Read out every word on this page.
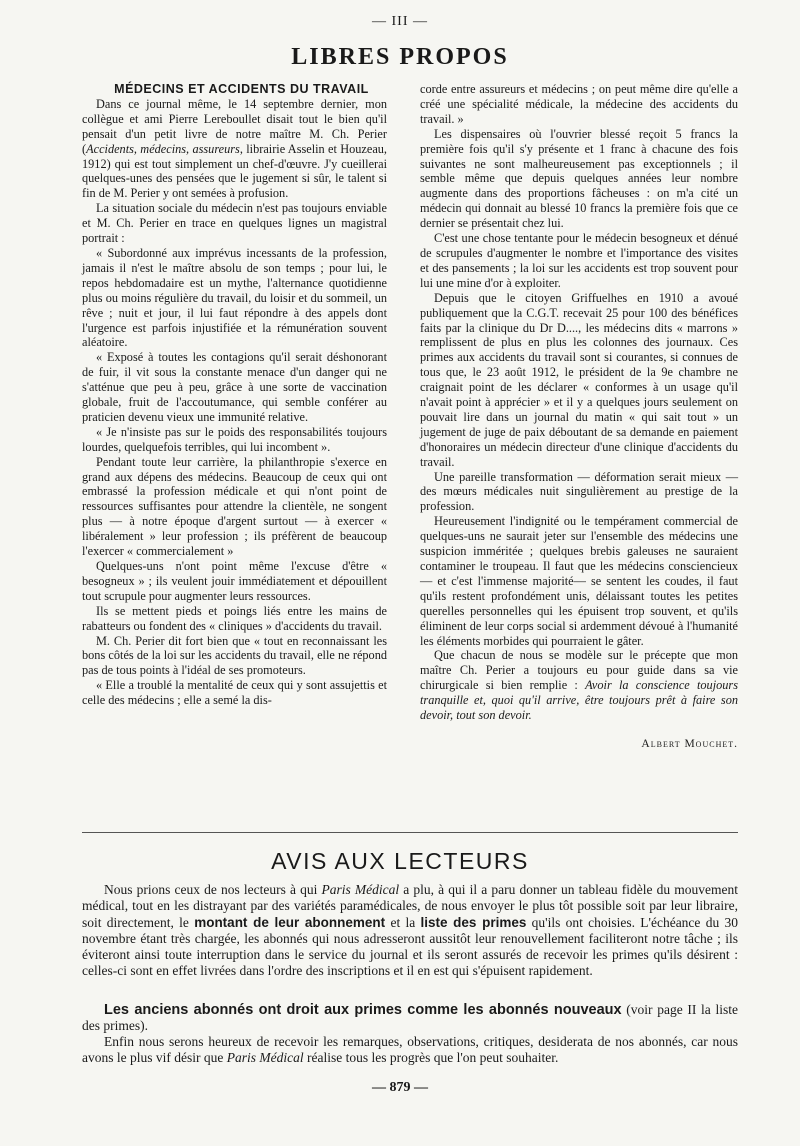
— III —
LIBRES PROPOS

MÉDECINS ET ACCIDENTS DU TRAVAIL

Dans ce journal même, le 14 septembre dernier, mon collègue et ami Pierre Lereboullet disait tout le bien qu'il pensait d'un petit livre de notre maître M. Ch. Perier (Accidents, médecins, assureurs, librairie Asselin et Houzeau, 1912) qui est tout simplement un chef-d'œuvre. J'y cueillerai quelques-unes des pensées que le jugement si sûr, le talent si fin de M. Perier y ont semées à profusion.

La situation sociale du médecin n'est pas toujours enviable et M. Ch. Perier en trace en quelques lignes un magistral portrait :

« Subordonné aux imprévus incessants de la profession, jamais il n'est le maître absolu de son temps ; pour lui, le repos hebdomadaire est un mythe, l'alternance quotidienne plus ou moins régulière du travail, du loisir et du sommeil, un rêve ; nuit et jour, il lui faut répondre à des appels dont l'urgence est parfois injustifiée et la rémunération souvent aléatoire.

« Exposé à toutes les contagions qu'il serait déshonorant de fuir, il vit sous la constante menace d'un danger qui ne s'atténue que peu à peu, grâce à une sorte de vaccination globale, fruit de l'accoutumance, qui semble conférer au praticien devenu vieux une immunité relative.

« Je n'insiste pas sur le poids des responsabilités toujours lourdes, quelquefois terribles, qui lui incombent ».

Pendant toute leur carrière, la philanthropie s'exerce en grand aux dépens des médecins. Beaucoup de ceux qui ont embrassé la profession médicale et qui n'ont point de ressources suffisantes pour attendre la clientèle, ne songent plus — à notre époque d'argent surtout — à exercer « libéralement » leur profession ; ils préfèrent de beaucoup l'exercer « commercialement »

Quelques-uns n'ont point même l'excuse d'être « besogneux » ; ils veulent jouir immédiatement et dépouillent tout scrupule pour augmenter leurs ressources.

Ils se mettent pieds et poings liés entre les mains de rabatteurs ou fondent des « cliniques » d'accidents du travail.

M. Ch. Perier dit fort bien que « tout en reconnaissant les bons côtés de la loi sur les accidents du travail, elle ne répond pas de tous points à l'idéal de ses promoteurs.

« Elle a troublé la mentalité de ceux qui y sont assujettis et celle des médecins ; elle a semé la dis-

corde entre assureurs et médecins ; on peut même dire qu'elle a créé une spécialité médicale, la médecine des accidents du travail. »

Les dispensaires où l'ouvrier blessé reçoit 5 francs la première fois qu'il s'y présente et 1 franc à chacune des fois suivantes ne sont malheureusement pas exceptionnels ; il semble même que depuis quelques années leur nombre augmente dans des proportions fâcheuses : on m'a cité un médecin qui donnait au blessé 10 francs la première fois que ce dernier se présentait chez lui.

C'est une chose tentante pour le médecin besogneux et dénué de scrupules d'augmenter le nombre et l'importance des visites et des pansements ; la loi sur les accidents est trop souvent pour lui une mine d'or à exploiter.

Depuis que le citoyen Griffuelhes en 1910 a avoué publiquement que la C.G.T. recevait 25 pour 100 des bénéfices faits par la clinique du Dr D...., les médecins dits « marrons » remplissent de plus en plus les colonnes des journaux. Ces primes aux accidents du travail sont si courantes, si connues de tous que, le 23 août 1912, le président de la 9e chambre ne craignait point de les déclarer « conformes à un usage qu'il n'avait point à apprécier » et il y a quelques jours seulement on pouvait lire dans un journal du matin « qui sait tout » un jugement de juge de paix déboutant de sa demande en paiement d'honoraires un médecin directeur d'une clinique d'accidents du travail.

Une pareille transformation — déformation serait mieux — des mœurs médicales nuit singulièrement au prestige de la profession.

Heureusement l'indignité ou le tempérament commercial de quelques-uns ne saurait jeter sur l'ensemble des médecins une suspicion imméritée ; quelques brebis galeuses ne sauraient contaminer le troupeau. Il faut que les médecins consciencieux — et c'est l'immense majorité— se sentent les coudes, il faut qu'ils restent profondément unis, délaissant toutes les petites querelles personnelles qui les épuisent trop souvent, et qu'ils éliminent de leur corps social si ardemment dévoué à l'humanité les éléments morbides qui pourraient le gâter.

Que chacun de nous se modèle sur le précepte que mon maître Ch. Perier a toujours eu pour guide dans sa vie chirurgicale si bien remplie : Avoir la conscience toujours tranquille et, quoi qu'il arrive, être toujours prêt à faire son devoir, tout son devoir.

Albert Mouchet.

AVIS AUX LECTEURS

Nous prions ceux de nos lecteurs à qui Paris Médical a plu, à qui il a paru donner un tableau fidèle du mouvement médical, tout en les distrayant par des variétés paramédicales, de nous envoyer le plus tôt possible soit par leur libraire, soit directement, le montant de leur abonnement et la liste des primes qu'ils ont choisies. L'échéance du 30 novembre étant très chargée, les abonnés qui nous adresseront aussitôt leur renouvellement faciliteront notre tâche ; ils éviteront ainsi toute interruption dans le service du journal et ils seront assurés de recevoir les primes qu'ils désirent : celles-ci sont en effet livrées dans l'ordre des inscriptions et il en est qui s'épuisent rapidement.

Les anciens abonnés ont droit aux primes comme les abonnés nouveaux (voir page II la liste des primes).

Enfin nous serons heureux de recevoir les remarques, observations, critiques, desiderata de nos abonnés, car nous avons le plus vif désir que Paris Médical réalise tous les progrès que l'on peut souhaiter.

— 879 —
